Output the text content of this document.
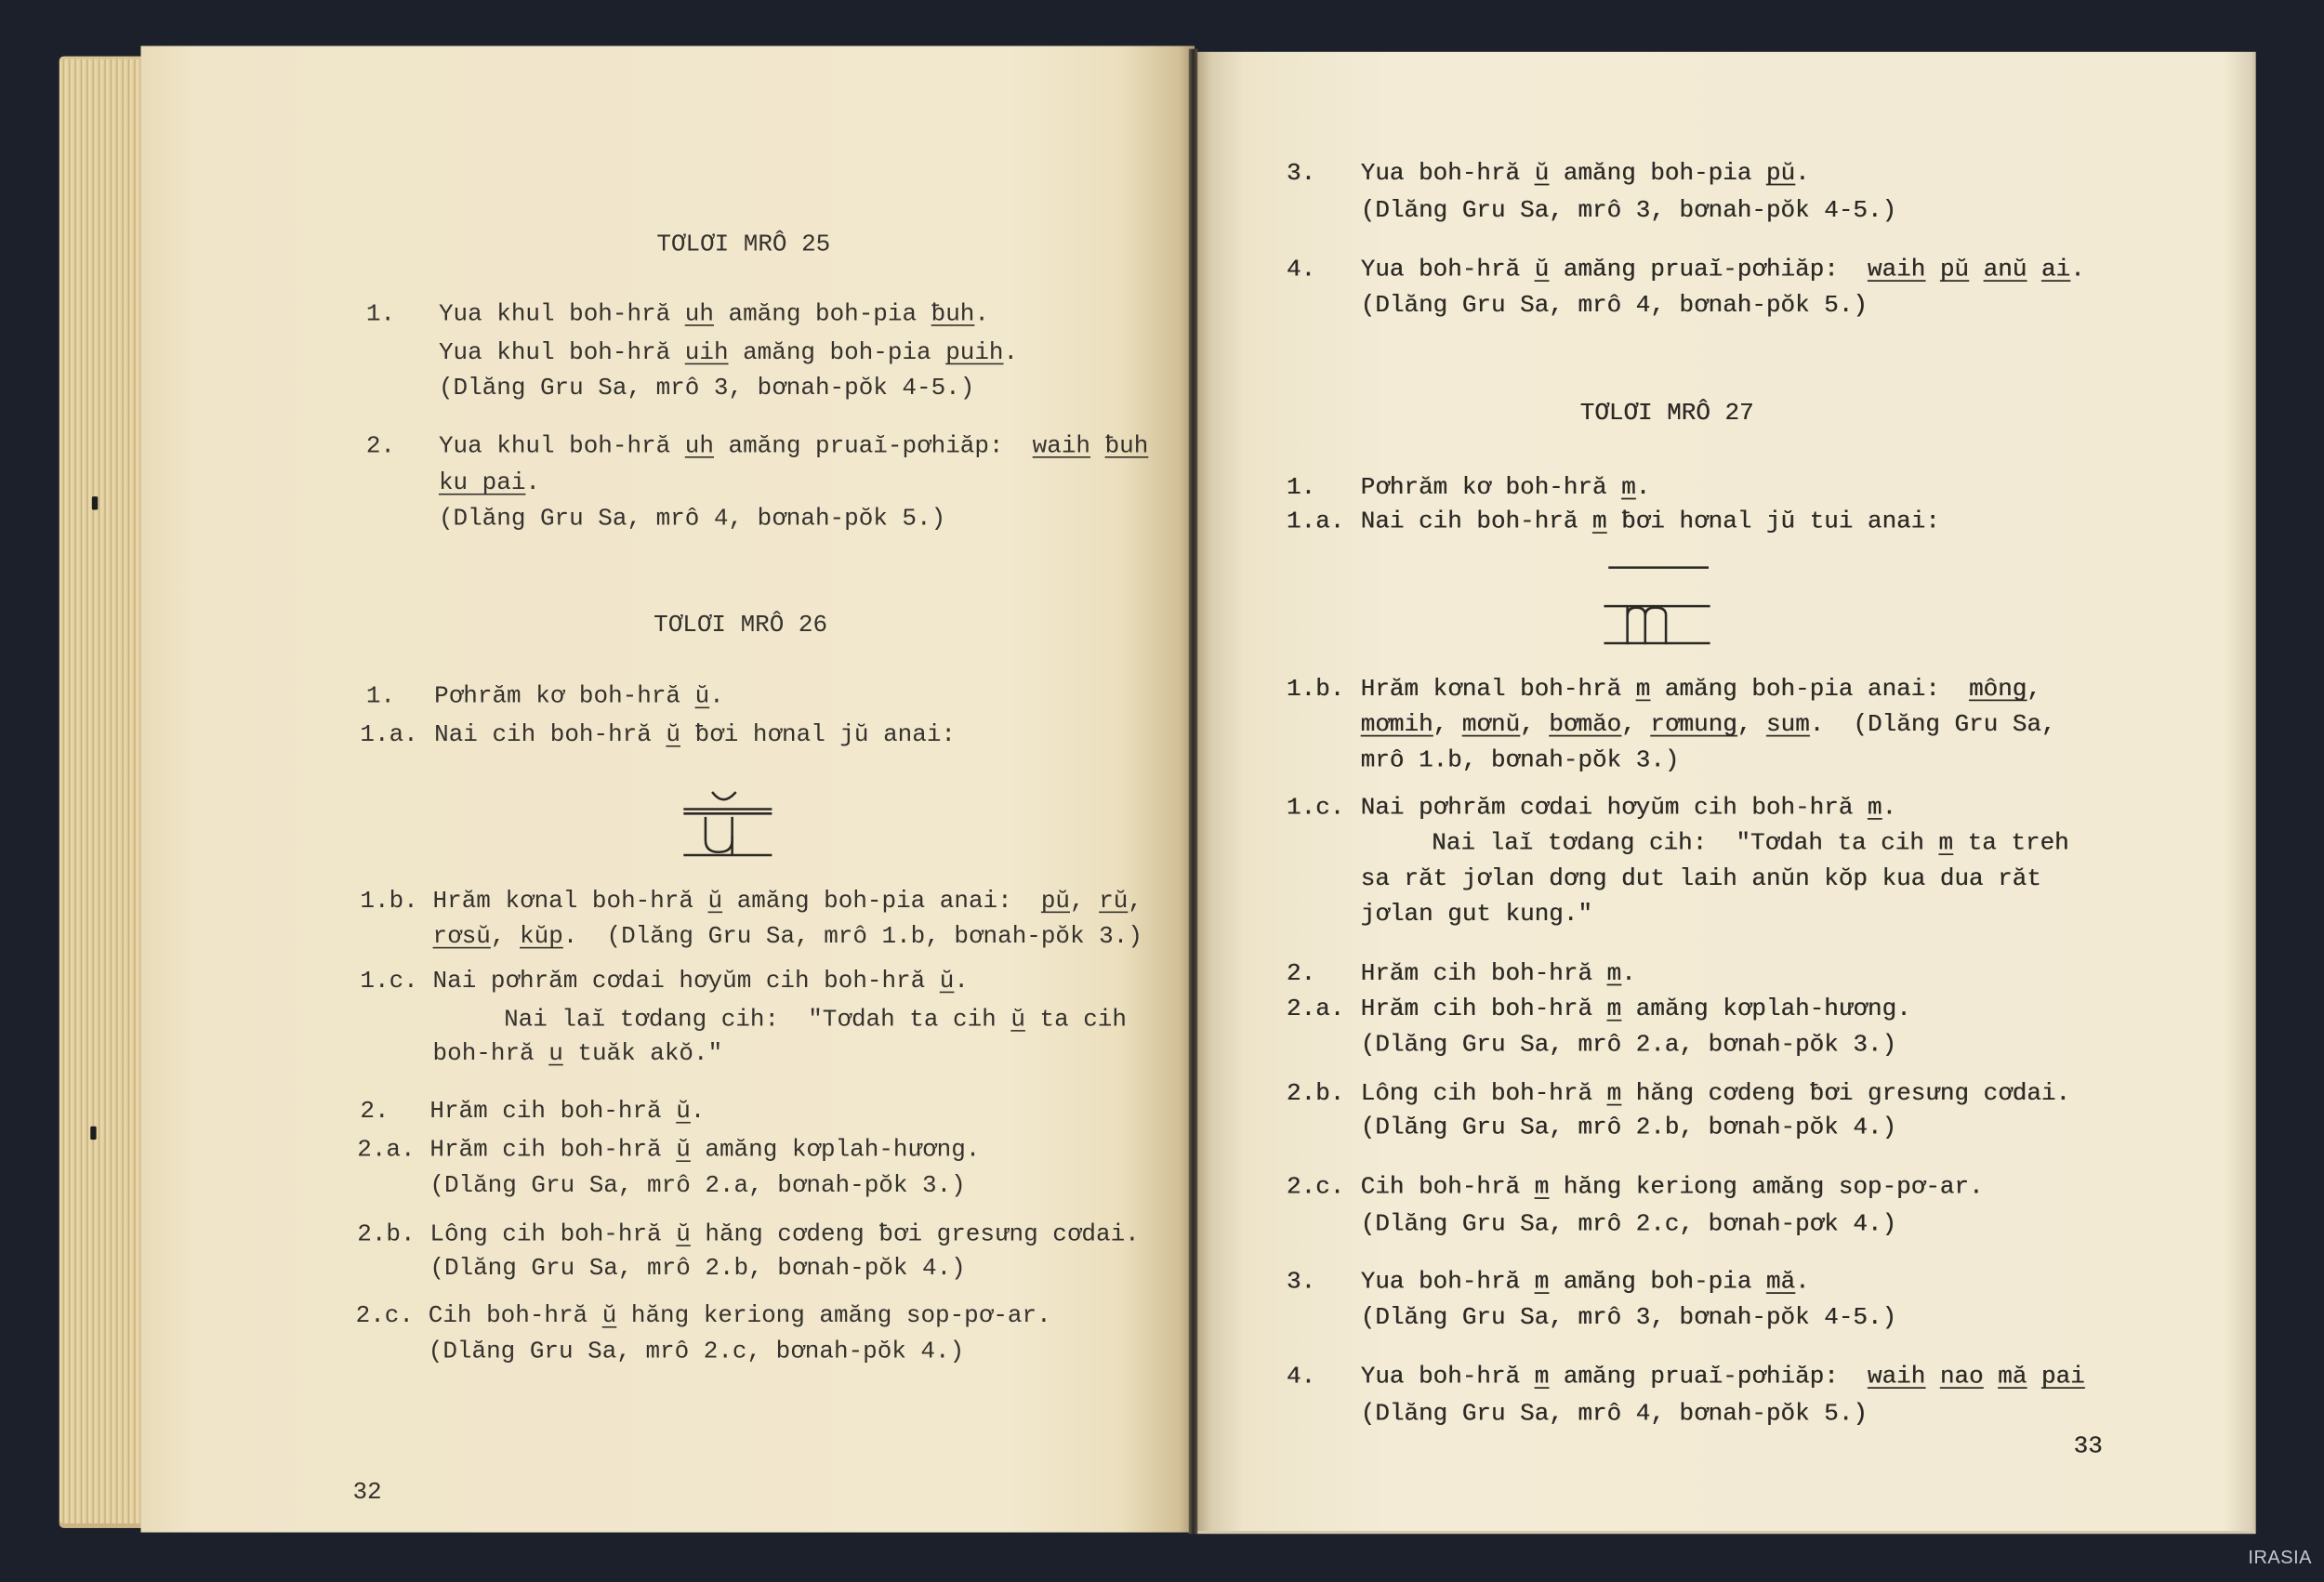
TƠLƠI MRÔ 25
TƠLƠI MRÔ 26
TƠLƠI MRÔ 27
1.	Yua khul boh-hră uh amăng boh-pia ƀuh.
Yua khul boh-hră uih amăng boh-pia puih.
(Dlăng Gru Sa, mrô 3, bơnah-pŏk 4-5.)
2.	Yua khul boh-hră uh amăng pruaĭ-pơhiăp:  waih ƀuh
ku pai.
(Dlăng Gru Sa, mrô 4, bơnah-pŏk 5.)
1.	Pơhrăm kơ boh-hră ŭ.
1.a. Nai cih boh-hră ŭ ƀơi hơnal jŭ anai:
1.b. Hrăm kơnal boh-hră ŭ amăng boh-pia anai:  pŭ, rŭ,
rơsŭ, kŭp.  (Dlăng Gru Sa, mrô 1.b, bơnah-pŏk 3.)
1.c. Nai pơhrăm cơdai hơyŭm cih boh-hră ŭ.
Nai laĭ tơdang cih:  "Tơdah ta cih ŭ ta cih
boh-hră u tuăk akŏ."
2.	Hrăm cih boh-hră ŭ.
2.a. Hrăm cih boh-hră ŭ amăng kơplah-hương.
(Dlăng Gru Sa, mrô 2.a, bơnah-pŏk 3.)
2.b. Lông cih boh-hră ŭ hăng cơdeng ƀơi gresưng cơdai.
(Dlăng Gru Sa, mrô 2.b, bơnah-pŏk 4.)
2.c. Cih boh-hră ŭ hăng keriong amăng sop-pơ-ar.
(Dlăng Gru Sa, mrô 2.c, bơnah-pŏk 4.)
3.	Yua boh-hră ŭ amăng boh-pia pŭ.
(Dlăng Gru Sa, mrô 3, bơnah-pŏk 4-5.)
4.	Yua boh-hră ŭ amăng pruaĭ-pơhiăp:  waih pŭ anŭ ai.
(Dlăng Gru Sa, mrô 4, bơnah-pŏk 5.)
1.	Pơhrăm kơ boh-hră m.
1.a. Nai cih boh-hră m ƀơi hơnal jŭ tui anai:
1.b. Hrăm kơnal boh-hră m amăng boh-pia anai:  mông,
mơmih, mơnŭ, bơmăo, rơmung, sum.  (Dlăng Gru Sa,
mrô 1.b, bơnah-pŏk 3.)
1.c. Nai pơhrăm cơdai hơyŭm cih boh-hră m.
Nai laĭ tơdang cih:  "Tơdah ta cih m ta treh
sa răt jơlan dơng dut laih anŭn kŏp kua dua răt
jơlan gut kung."
2.	Hrăm cih boh-hră m.
2.a. Hrăm cih boh-hră m amăng kơplah-hương.
(Dlăng Gru Sa, mrô 2.a, bơnah-pŏk 3.)
2.b. Lông cih boh-hră m hăng cơdeng ƀơi gresưng cơdai.
(Dlăng Gru Sa, mrô 2.b, bơnah-pŏk 4.)
2.c. Cih boh-hră m hăng keriong amăng sop-pơ-ar.
(Dlăng Gru Sa, mrô 2.c, bơnah-pơk 4.)
3.	Yua boh-hră m amăng boh-pia mă.
(Dlăng Gru Sa, mrô 3, bơnah-pŏk 4-5.)
4.	Yua boh-hră m amăng pruaĭ-pơhiăp:  waih nao mă pai
(Dlăng Gru Sa, mrô 4, bơnah-pŏk 5.)
32
33
IRASIA
